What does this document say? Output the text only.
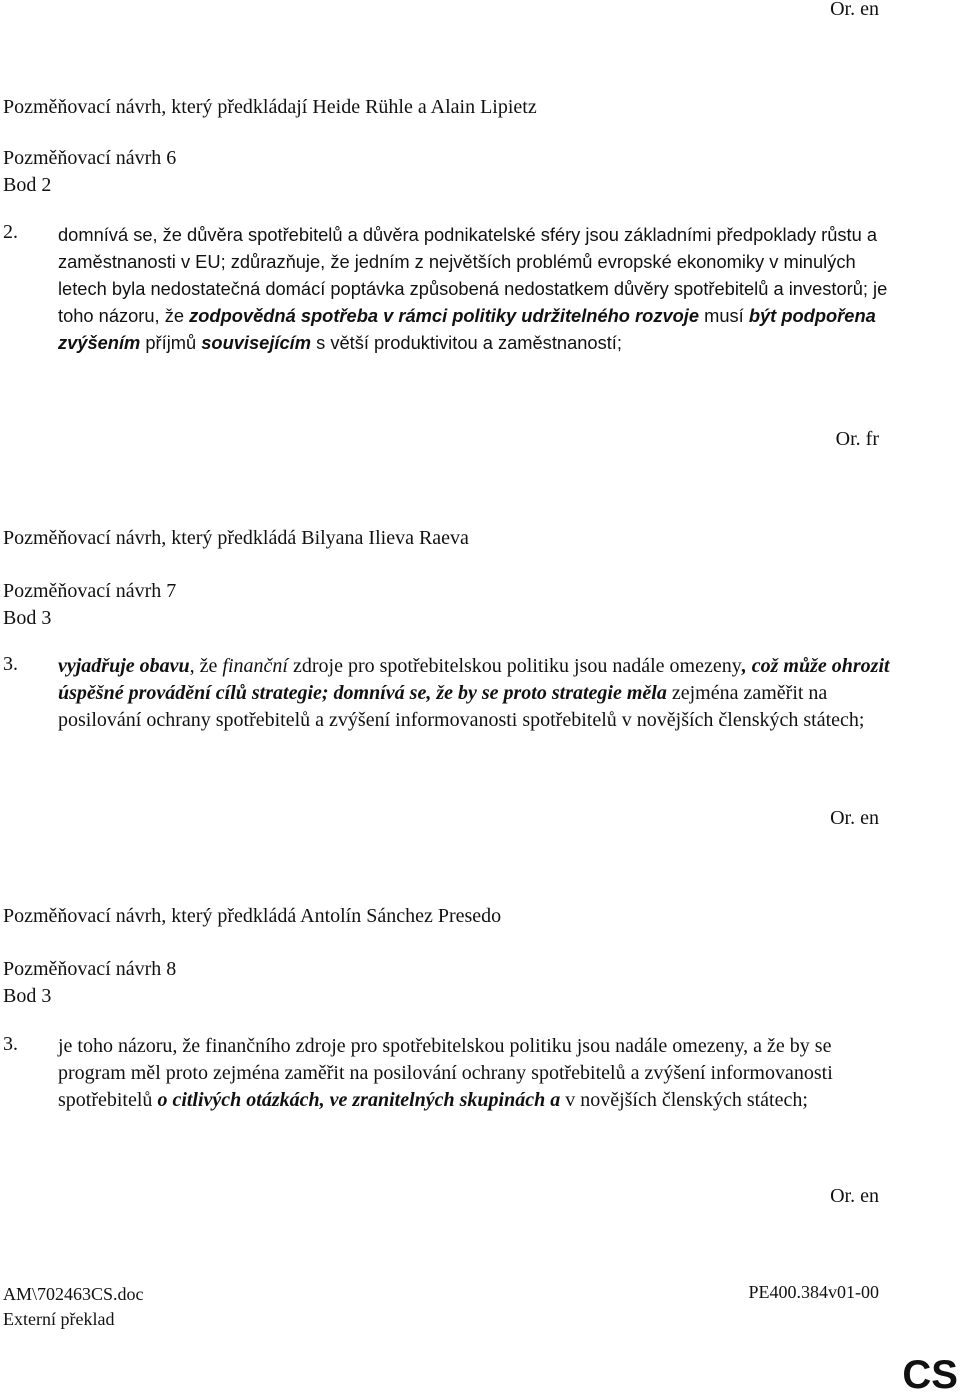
Or. en
Pozměňovací návrh, který předkládají Heide Rühle a Alain Lipietz
Pozměňovací návrh 6
Bod 2
2. domnívá se, že důvěra spotřebitelů a důvěra podnikatelské sféry jsou základními předpoklady růstu a zaměstnanosti v EU; zdůrazňuje, že jedním z největších problémů evropské ekonomiky v minulých letech byla nedostatečná domácí poptávka způsobená nedostatkem důvěry spotřebitelů a investorů; je toho názoru, že zodpovědná spotřeba v rámci politiky udržitelného rozvoje musí být podpořena zvýšením příjmů souvisejícím s větší produktivitou a zaměstnaností;
Or. fr
Pozměňovací návrh, který předkládá Bilyana Ilieva Raeva
Pozměňovací návrh 7
Bod 3
3. vyjadřuje obavu, že finanční zdroje pro spotřebitelskou politiku jsou nadále omezeny, což může ohrozit úspěšné provádění cílů strategie; domnívá se, že by se proto strategie měla zejména zaměřit na posilování ochrany spotřebitelů a zvýšení informovanosti spotřebitelů v novějších členských státech;
Or. en
Pozměňovací návrh, který předkládá Antolín Sánchez Presedo
Pozměňovací návrh 8
Bod 3
3. je toho názoru, že finančního zdroje pro spotřebitelskou politiku jsou nadále omezeny, a že by se program měl proto zejména zaměřit na posilování ochrany spotřebitelů a zvýšení informovanosti spotřebitelů o citlivých otázkách, ve zranitelných skupinách a v novějších členských státech;
Or. en
AM\702463CS.doc
Externí překlad
PE400.384v01-00
CS
